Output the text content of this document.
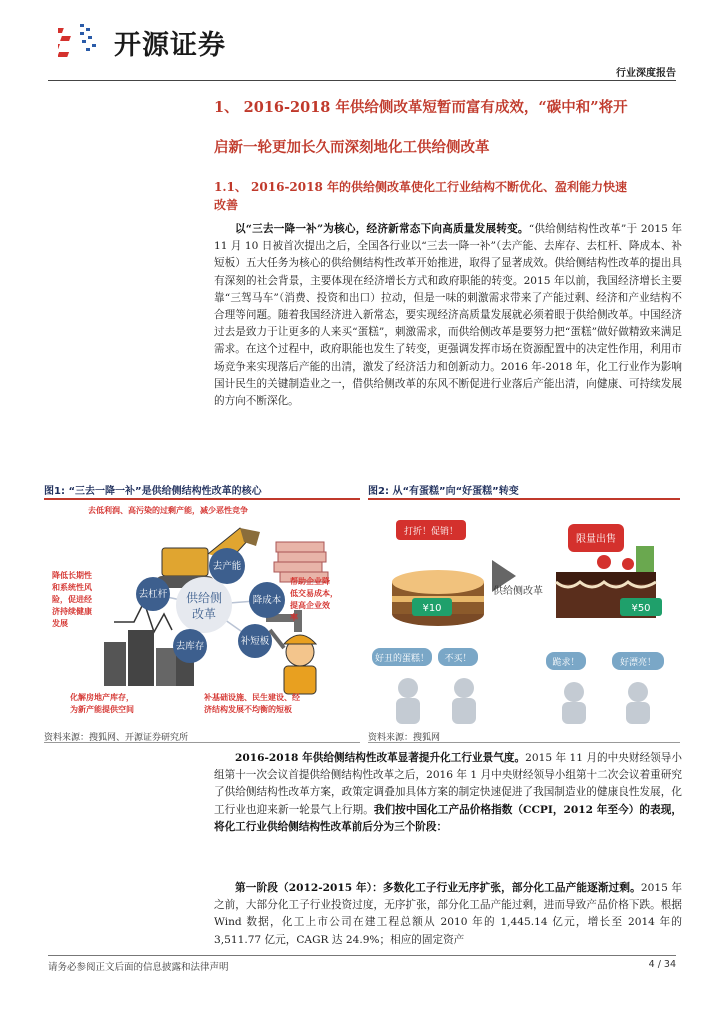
开源证券
行业深度报告
1、 2016-2018 年供给侧改革短暂而富有成效，“碳中和”将开
启新一轮更加长久而深刻地化工供给侧改革
1.1、 2016-2018 年的供给侧改革使化工行业结构不断优化、盈利能力快速
改善
以“三去一降一补”为核心，经济新常态下向高质量发展转变。“供给侧结构性改革”于 2015 年 11 月 10 日被首次提出之后，全国各行业以“三去一降一补”（去产能、去库存、去杠杆、降成本、补短板）五大任务为核心的供给侧结构性改革开始推进，取得了显著成效。供给侧结构性改革的提出具有深刻的社会背景，主要体现在经济增长方式和政府职能的转变。2015 年以前，我国经济增长主要靠“三驾马车”（消费、投资和出口）拉动，但是一味的刺激需求带来了产能过剩、经济和产业结构不合理等问题。随着我国经济进入新常态，要实现经济高质量发展就必须着眼于供给侧改革。中国经济过去是致力于让更多的人来买“蛋糕”，刺激需求，而供给侧改革是要努力把“蛋糕”做好做精致来满足需求。在这个过程中，政府职能也发生了转变，更强调发挥市场在资源配置中的决定性作用，利用市场竞争来实现落后产能的出清，激发了经济活力和创新动力。2016 年-2018 年，化工行业作为影响国计民生的关键制造业之一，借供给侧改革的东风不断促进行业落后产能出清，向健康、可持续发展的方向不断深化。
图1: “三去一降一补”是供给侧结构性改革的核心
供给侧
改革
去产能
降成本
补短板
去库存
去杠杆
去低利润、高污染的过剩产能，减少恶性竞争
降低长期性
和系统性风
险，促进经
济持续健康
发展
帮助企业降
低交易成本，
提高企业效
率
化解房地产库存，
为新产能提供空间
补基础设施、民生建设、经
济结构发展不均衡的短板
资料来源：搜狐网、开源证券研究所
图2: 从“有蛋糕”向“好蛋糕”转变
打折！促销！
¥10
供给侧改革
限量出售
¥50
好丑的蛋糕！ 不买！	跪求！	好漂亮！
资料来源：搜狐网
2016-2018 年供给侧结构性改革显著提升化工行业景气度。2015 年 11 月的中央财经领导小组第十一次会议首提供给侧结构性改革之后，2016 年 1 月中央财经领导小组第十二次会议着重研究了供给侧结构性改革方案，政策定调叠加具体方案的制定快速促进了我国制造业的健康良性发展，化工行业也迎来新一轮景气上行期。我们按中国化工产品价格指数（CCPI，2012 年至今）的表现，将化工行业供给侧结构性改革前后分为三个阶段：
第一阶段（2012-2015 年）：多数化工子行业无序扩张，部分化工品产能逐渐过剩。2015 年之前，大部分化工子行业投资过度，无序扩张，部分化工品产能过剩，进而导致产品价格下跌。根据 Wind 数据，化工上市公司在建工程总额从 2010 年的 1,445.14 亿元，增长至 2014 年的 3,511.77 亿元，CAGR 达 24.9%；相应的固定资产
请务必参阅正文后面的信息披露和法律声明	4 / 34
